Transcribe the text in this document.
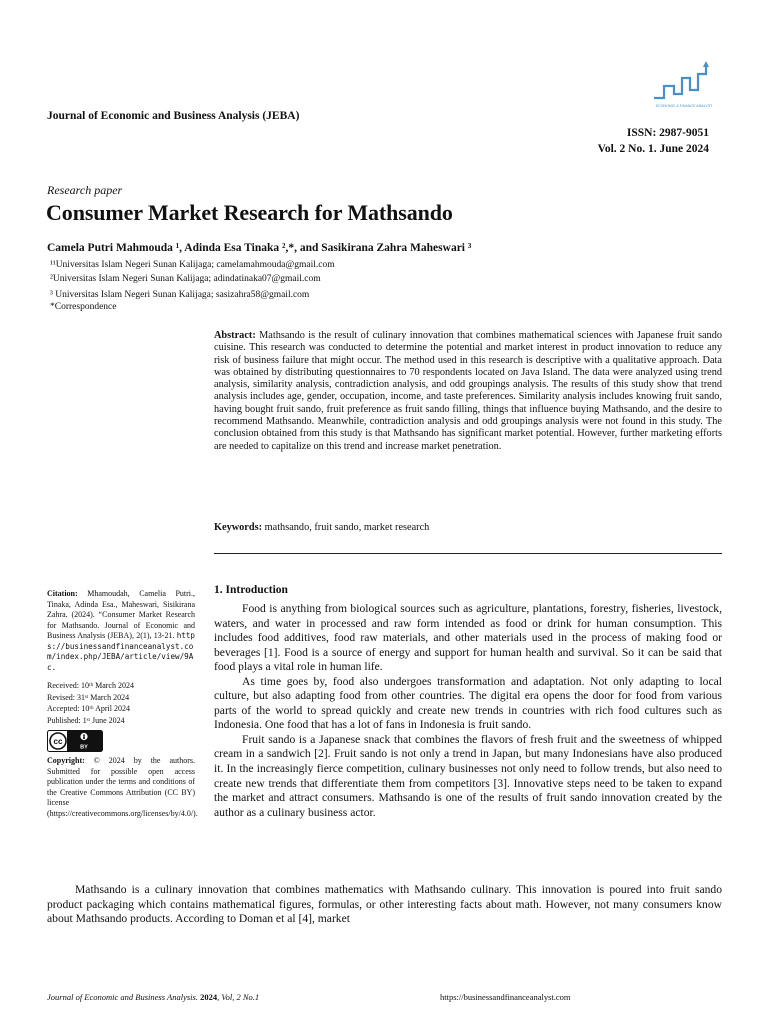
Journal of Economic and Business Analysis (JEBA)
ECONOMIC & FINANCE ANALYST
ISSN: 2987-9051
Vol. 2 No. 1. June 2024
Research paper
Consumer Market Research for Mathsando
Camela Putri Mahmouda ¹, Adinda Esa Tinaka ²,*, and Sasikirana Zahra Maheswari ³
¹¹Universitas Islam Negeri Sunan Kalijaga; camelamahmouda@gmail.com
²Universitas Islam Negeri Sunan Kalijaga; adindatinaka07@gmail.com
³ Universitas Islam Negeri Sunan Kalijaga; sasizahra58@gmail.com
*Correspondence
Abstract: Mathsando is the result of culinary innovation that combines mathematical sciences with Japanese fruit sando cuisine. This research was conducted to determine the potential and market interest in product innovation to reduce any risk of business failure that might occur. The method used in this research is descriptive with a qualitative approach. Data was obtained by distributing questionnaires to 70 respondents located on Java Island. The data were analyzed using trend analysis, similarity analysis, contradiction analysis, and odd groupings analysis. The results of this study show that trend analysis includes age, gender, occupation, income, and taste preferences. Similarity analysis includes knowing fruit sando, having bought fruit sando, fruit preference as fruit sando filling, things that influence buying Mathsando, and the desire to recommend Mathsando. Meanwhile, contradiction analysis and odd groupings analysis were not found in this study. The conclusion obtained from this study is that Mathsando has significant market potential. However, further marketing efforts are needed to capitalize on this trend and increase market penetration.
Keywords: mathsando, fruit sando, market research
Citation: Mhamoudah, Camelia Putri., Tinaka, Adinda Esa., Maheswari, Sisikirana Zahra. (2024). “Consumer Market Research for Mathsando. Journal of Economic and Business Analysis (JEBA), 2(1), 13-21. https://businessandfinanceanalyst.com/index.php/JEBA/article/view/9Ac.
Received: 10ᵗʰ March 2024
Revised: 31ˢᵗ March 2024
Accepted: 10ᵗʰ April 2024
Published: 1ˢᵗ June 2024
cc
BY
Copyright: © 2024 by the authors. Submitted for possible open access publication under the terms and conditions of the Creative Commons Attribution (CC BY) license (https://creativecommons.org/licenses/by/4.0/).
1. Introduction

Food is anything from biological sources such as agriculture, plantations, forestry, fisheries, livestock, waters, and water in processed and raw form intended as food or drink for human consumption. This includes food additives, food raw materials, and other materials used in the process of making food or beverages [1]. Food is a source of energy and support for human health and survival. So it can be said that food plays a vital role in human life.

As time goes by, food also undergoes transformation and adaptation. Not only adapting to local culture, but also adapting food from other countries. The digital era opens the door for food from various parts of the world to spread quickly and create new trends in countries with rich food cultures such as Indonesia. One food that has a lot of fans in Indonesia is fruit sando.

Fruit sando is a Japanese snack that combines the flavors of fresh fruit and the sweetness of whipped cream in a sandwich [2]. Fruit sando is not only a trend in Japan, but many Indonesians have also produced it. In the increasingly fierce competition, culinary businesses not only need to follow trends, but also need to create new trends that differentiate them from competitors [3]. Innovative steps need to be taken to expand the market and attract consumers. Mathsando is one of the results of fruit sando innovation created by the author as a culinary business actor.

Mathsando is a culinary innovation that combines mathematics with Mathsando culinary. This innovation is poured into fruit sando product packaging which contains mathematical figures, formulas, or other interesting facts about math. However, not many consumers know about Mathsando products. According to Doman et al [4], market

Journal of Economic and Business Analysis. 2024, Vol, 2 No.1	https://businessandfinanceanalyst.com
